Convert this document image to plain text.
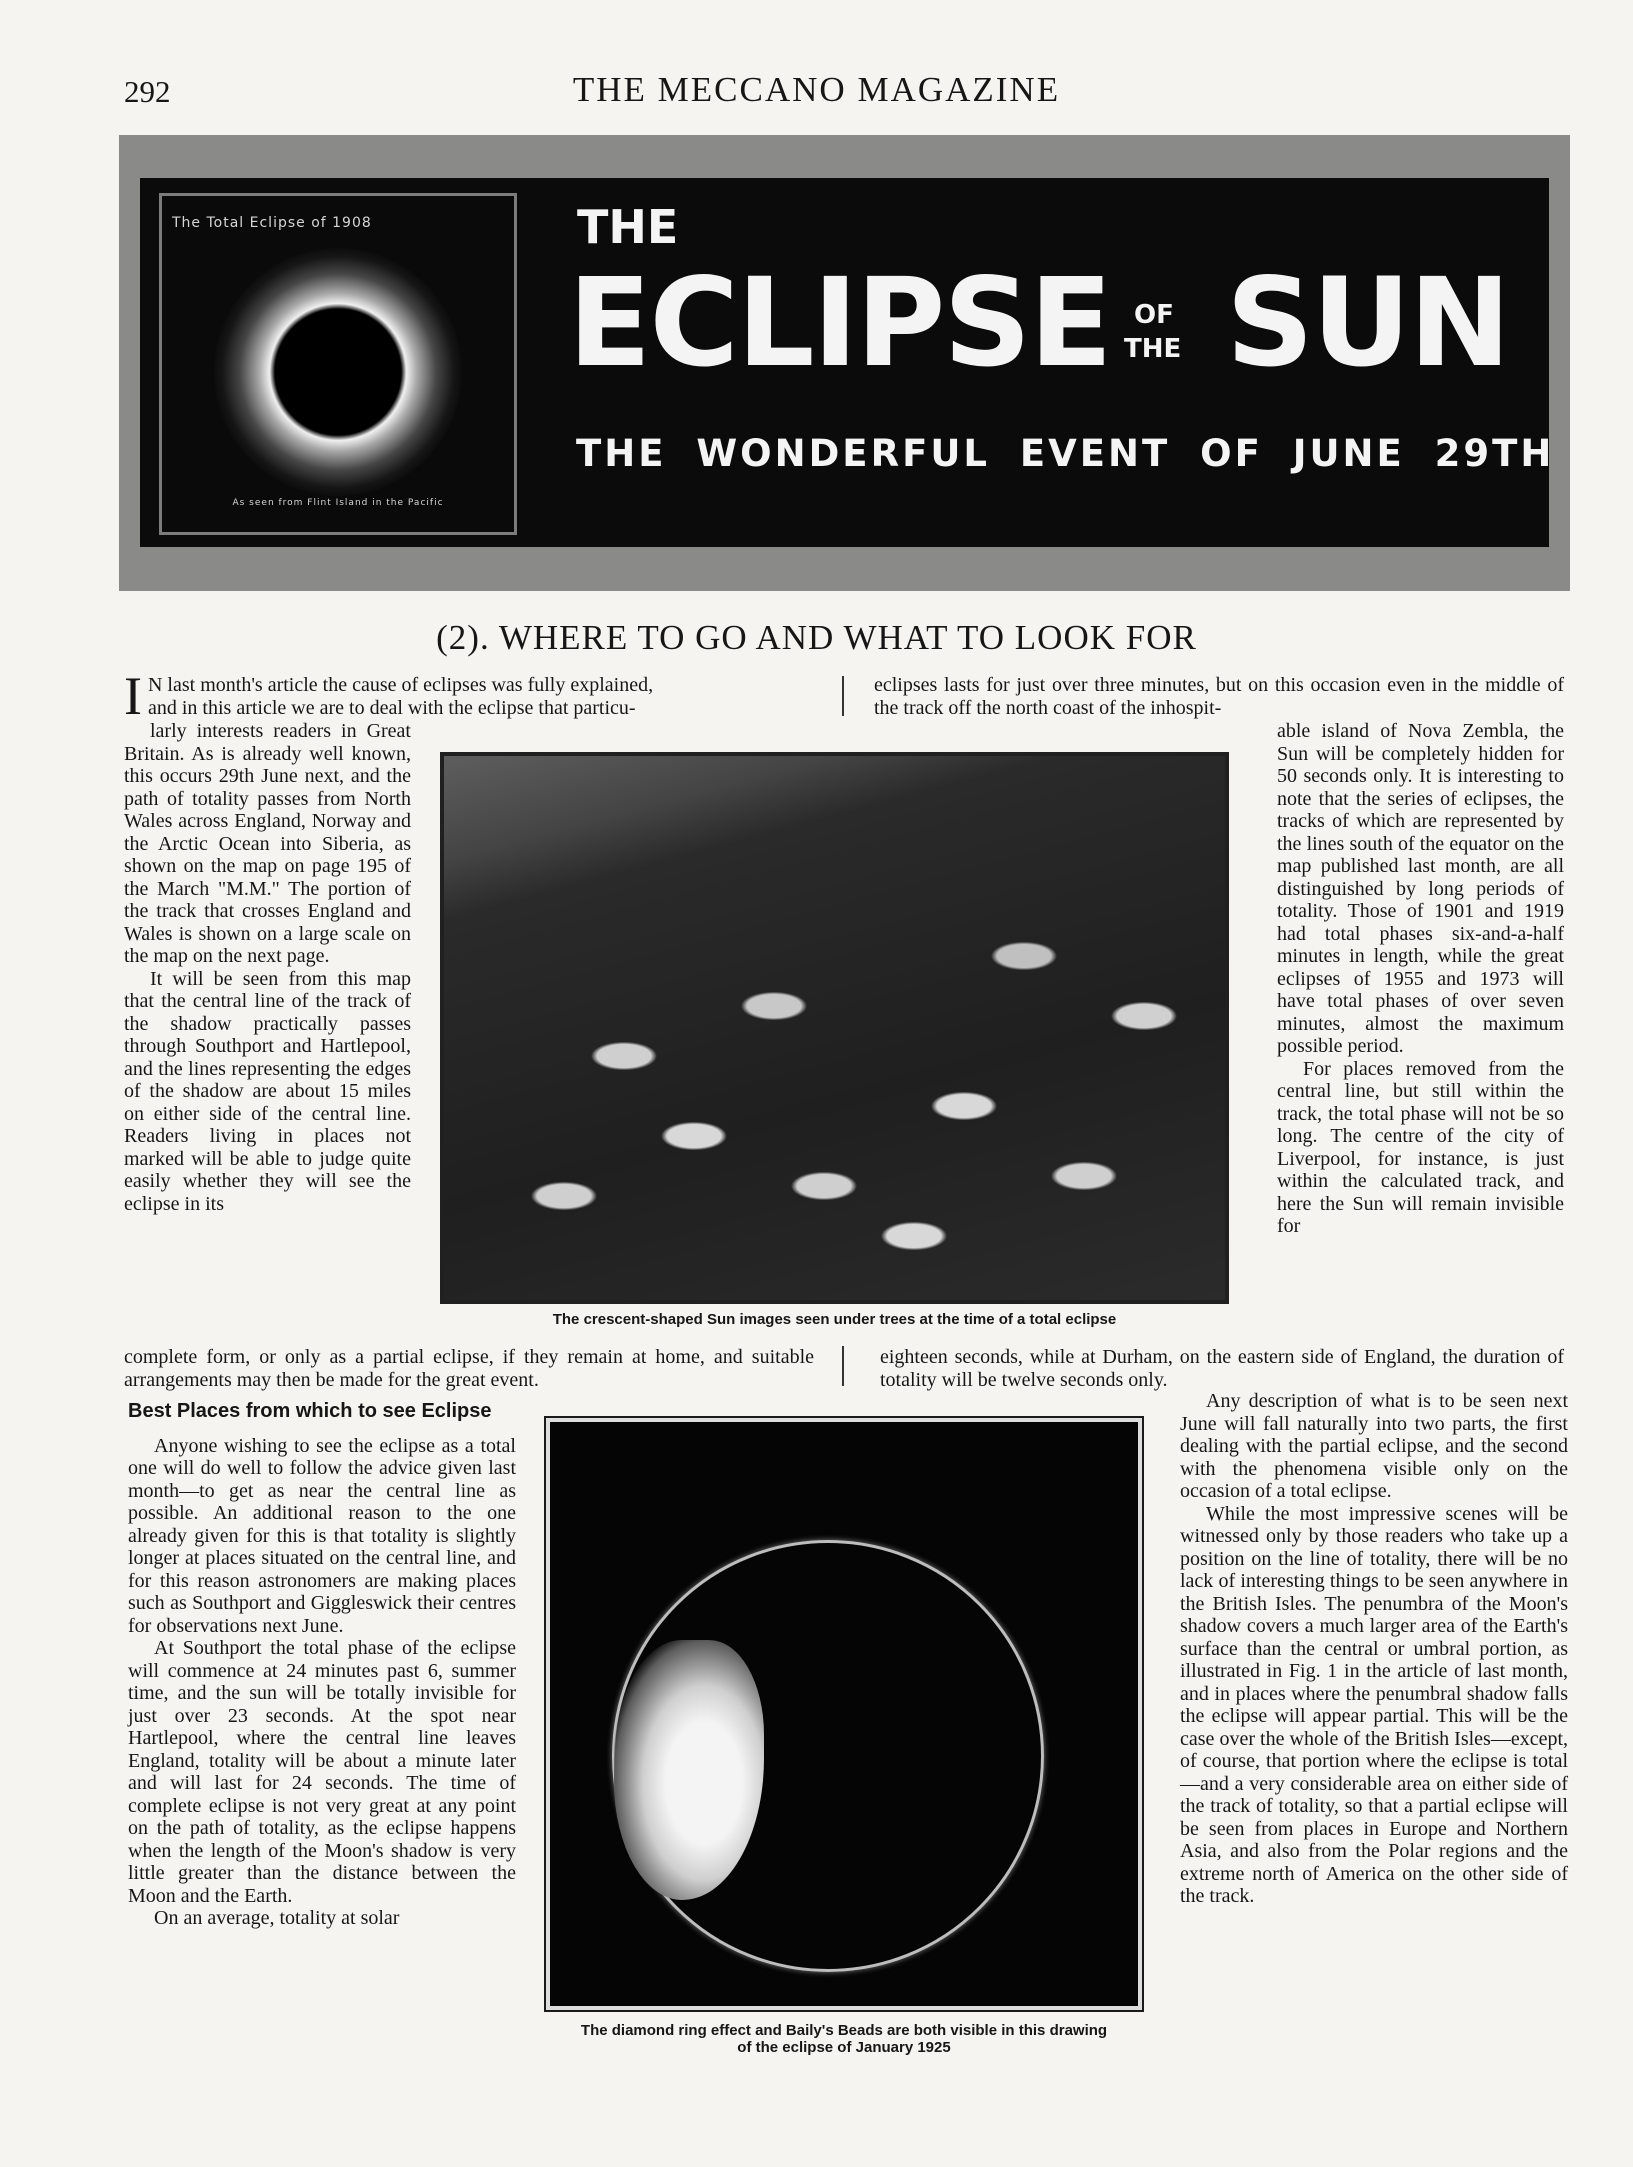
292	THE MECCANO MAGAZINE
The Total Eclipse of 1908
As seen from Flint Island in the Pacific
THE
ECLIPSE OF
THE SUN
THE WONDERFUL EVENT OF JUNE 29TH
(2). WHERE TO GO AND WHAT TO LOOK FOR
I N last month's article the cause of eclipses was fully explained,
and in this article we are to deal with the eclipse that particu-

larly interests readers in Great Britain. As is already well known, this occurs 29th June next, and the path of totality passes from North Wales across England, Norway and the Arctic Ocean into Siberia, as shown on the map on page 195 of the March "M.M." The portion of the track that crosses England and Wales is shown on a large scale on the map on the next page.

It will be seen from this map that the central line of the track of the shadow practically passes through Southport and Hartlepool, and the lines representing the edges of the shadow are about 15 miles on either side of the central line. Readers living in places not marked will be able to judge quite easily whether they will see the eclipse in its

eclipses lasts for just over three minutes, but on this occasion even in the middle of the track off the north coast of the inhospit-

able island of Nova Zembla, the Sun will be completely hidden for 50 seconds only. It is interesting to note that the series of eclipses, the tracks of which are represented by the lines south of the equator on the map published last month, are all distinguished by long periods of totality. Those of 1901 and 1919 had total phases six-and-a-half minutes in length, while the great eclipses of 1955 and 1973 will have total phases of over seven minutes, almost the maximum possible period.

For places removed from the central line, but still within the track, the total phase will not be so long. The centre of the city of Liverpool, for instance, is just within the calculated track, and here the Sun will remain invisible for

The crescent-shaped Sun images seen under trees at the time of a total eclipse

complete form, or only as a partial eclipse, if they remain at home, and suitable arrangements may then be made for the great event.

eighteen seconds, while at Durham, on the eastern side of England, the duration of totality will be twelve seconds only.

Best Places from which to see Eclipse

Anyone wishing to see the eclipse as a total one will do well to follow the advice given last month—to get as near the central line as possible. An additional reason to the one already given for this is that totality is slightly longer at places situated on the central line, and for this reason astronomers are making places such as Southport and Giggleswick their centres for observations next June.

At Southport the total phase of the eclipse will commence at 24 minutes past 6, summer time, and the sun will be totally invisible for just over 23 seconds. At the spot near Hartlepool, where the central line leaves England, totality will be about a minute later and will last for 24 seconds. The time of complete eclipse is not very great at any point on the path of totality, as the eclipse happens when the length of the Moon's shadow is very little greater than the distance between the Moon and the Earth.

On an average, totality at solar

The diamond ring effect and Baily's Beads are both visible in this drawing
of the eclipse of January 1925

Any description of what is to be seen next June will fall naturally into two parts, the first dealing with the partial eclipse, and the second with the phenomena visible only on the occasion of a total eclipse.

While the most impressive scenes will be witnessed only by those readers who take up a position on the line of totality, there will be no lack of interesting things to be seen anywhere in the British Isles. The penumbra of the Moon's shadow covers a much larger area of the Earth's surface than the central or umbral portion, as illustrated in Fig. 1 in the article of last month, and in places where the penumbral shadow falls the eclipse will appear partial. This will be the case over the whole of the British Isles—except, of course, that portion where the eclipse is total—and a very considerable area on either side of the track of totality, so that a partial eclipse will be seen from places in Europe and Northern Asia, and also from the Polar regions and the extreme north of America on the other side of the track.
